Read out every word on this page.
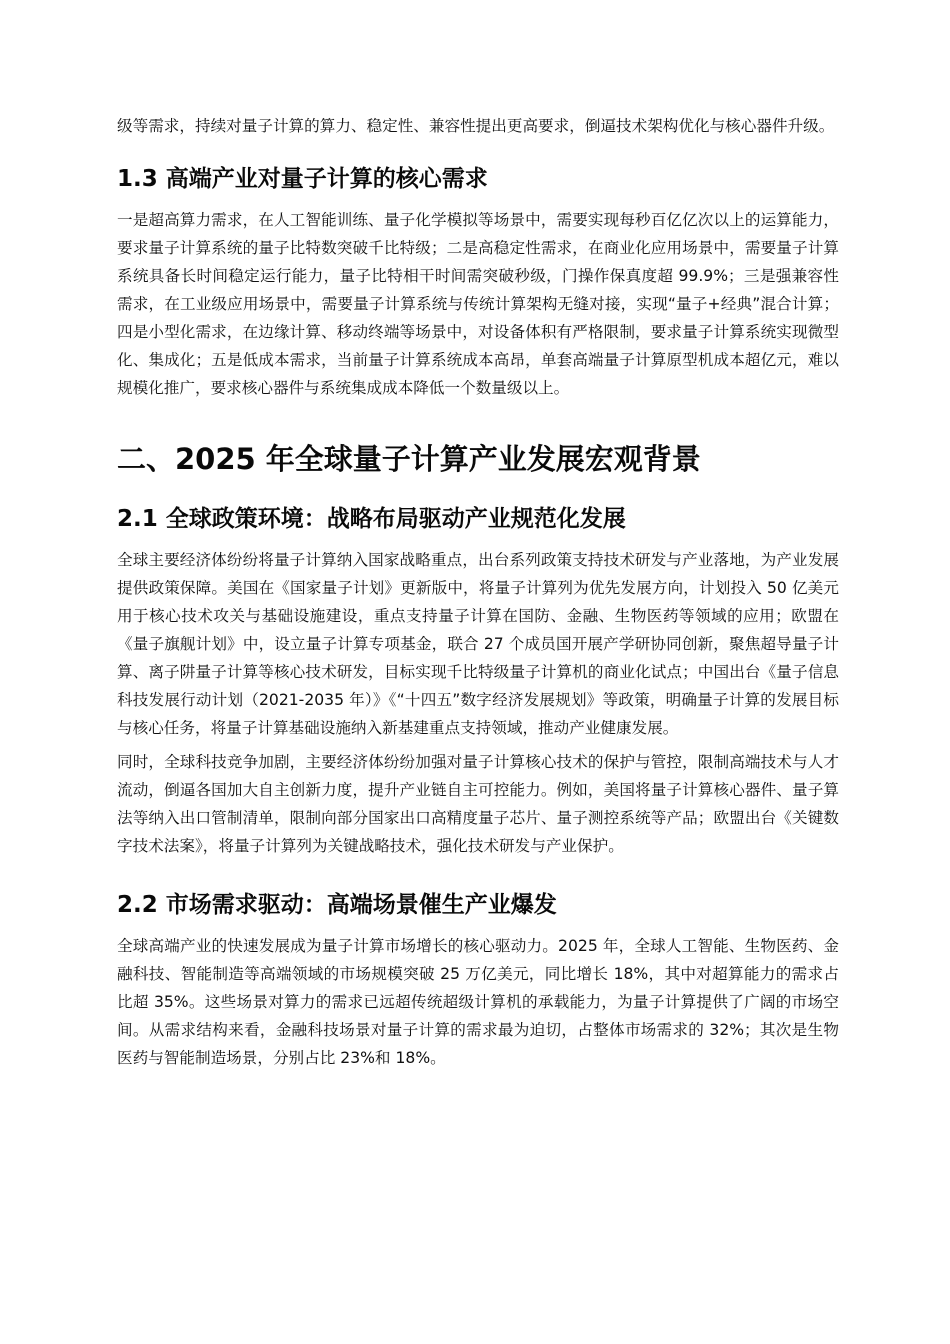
级等需求，持续对量子计算的算力、稳定性、兼容性提出更高要求，倒逼技术架构优化与核心器件升级。

1.3 高端产业对量子计算的核心需求

一是超高算力需求，在人工智能训练、量子化学模拟等场景中，需要实现每秒百亿亿次以上的运算能力，要求量子计算系统的量子比特数突破千比特级；二是高稳定性需求，在商业化应用场景中，需要量子计算系统具备长时间稳定运行能力，量子比特相干时间需突破秒级，门操作保真度超 99.9%；三是强兼容性需求，在工业级应用场景中，需要量子计算系统与传统计算架构无缝对接，实现“量子+经典”混合计算；四是小型化需求，在边缘计算、移动终端等场景中，对设备体积有严格限制，要求量子计算系统实现微型化、集成化；五是低成本需求，当前量子计算系统成本高昂，单套高端量子计算原型机成本超亿元，难以规模化推广，要求核心器件与系统集成成本降低一个数量级以上。

二、2025 年全球量子计算产业发展宏观背景
2.1 全球政策环境：战略布局驱动产业规范化发展

全球主要经济体纷纷将量子计算纳入国家战略重点，出台系列政策支持技术研发与产业落地，为产业发展提供政策保障。美国在《国家量子计划》更新版中，将量子计算列为优先发展方向，计划投入 50 亿美元用于核心技术攻关与基础设施建设，重点支持量子计算在国防、金融、生物医药等领域的应用；欧盟在《量子旗舰计划》中，设立量子计算专项基金，联合 27 个成员国开展产学研协同创新，聚焦超导量子计算、离子阱量子计算等核心技术研发，目标实现千比特级量子计算机的商业化试点；中国出台《量子信息科技发展行动计划（2021-2035 年）》《“十四五”数字经济发展规划》等政策，明确量子计算的发展目标与核心任务，将量子计算基础设施纳入新基建重点支持领域，推动产业健康发展。

同时，全球科技竞争加剧，主要经济体纷纷加强对量子计算核心技术的保护与管控，限制高端技术与人才流动，倒逼各国加大自主创新力度，提升产业链自主可控能力。例如，美国将量子计算核心器件、量子算法等纳入出口管制清单，限制向部分国家出口高精度量子芯片、量子测控系统等产品；欧盟出台《关键数字技术法案》，将量子计算列为关键战略技术，强化技术研发与产业保护。

2.2 市场需求驱动：高端场景催生产业爆发

全球高端产业的快速发展成为量子计算市场增长的核心驱动力。2025 年，全球人工智能、生物医药、金融科技、智能制造等高端领域的市场规模突破 25 万亿美元，同比增长 18%，其中对超算能力的需求占比超 35%。这些场景对算力的需求已远超传统超级计算机的承载能力，为量子计算提供了广阔的市场空间。从需求结构来看，金融科技场景对量子计算的需求最为迫切，占整体市场需求的 32%；其次是生物医药与智能制造场景，分别占比 23%和 18%。
